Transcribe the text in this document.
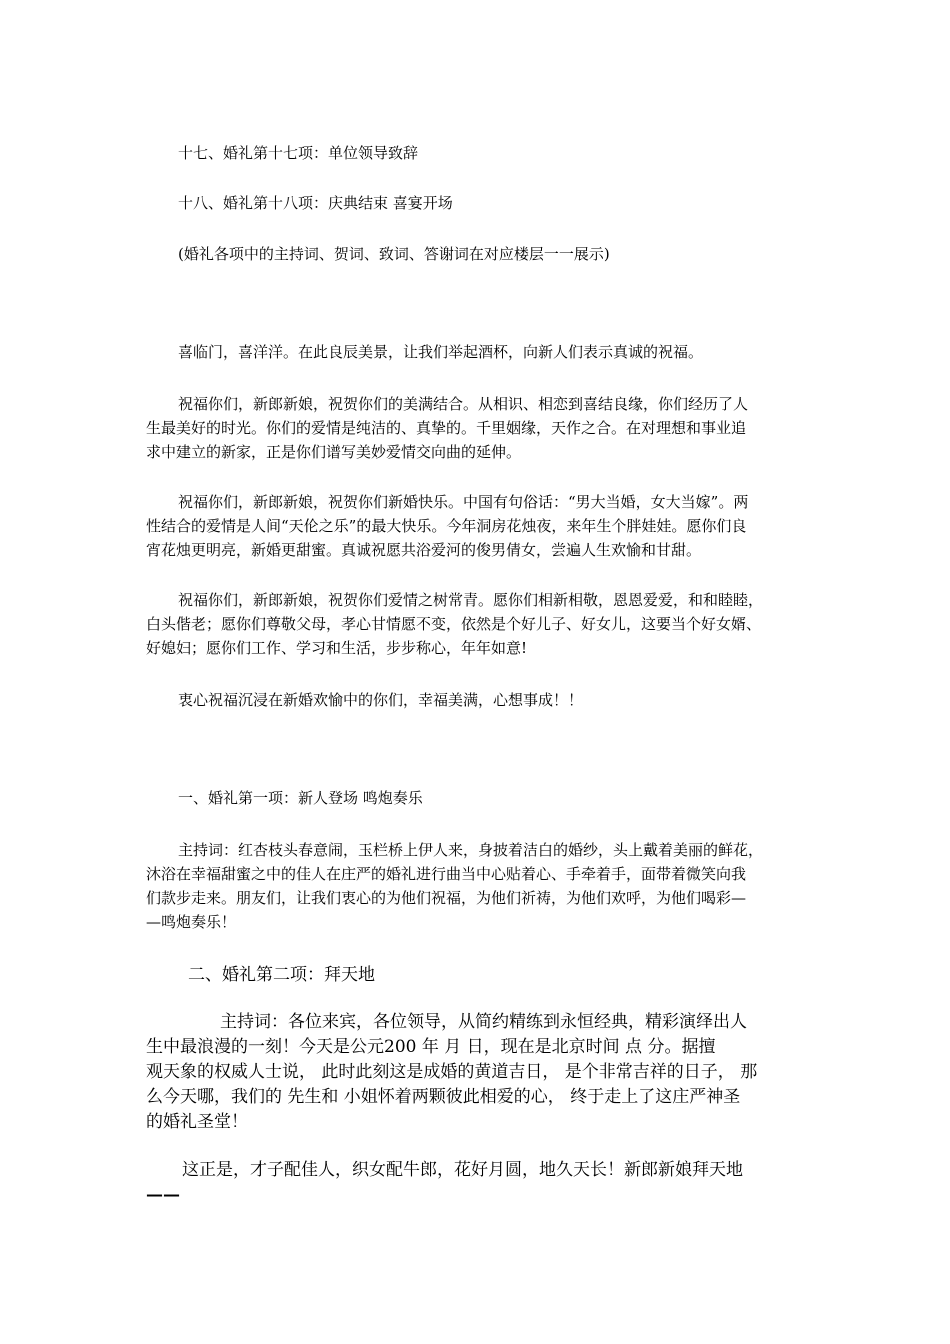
十七、婚礼第十七项：单位领导致辞
十八、婚礼第十八项：庆典结束 喜宴开场
(婚礼各项中的主持词、贺词、致词、答谢词在对应楼层一一展示)
喜临门，喜洋洋。在此良辰美景，让我们举起酒杯，向新人们表示真诚的祝福。
祝福你们，新郎新娘，祝贺你们的美满结合。从相识、相恋到喜结良缘，你们经历了人
生最美好的时光。你们的爱情是纯洁的、真挚的。千里姻缘，天作之合。在对理想和事业追
求中建立的新家，正是你们谱写美妙爱情交向曲的延伸。
祝福你们，新郎新娘，祝贺你们新婚快乐。中国有句俗话：“男大当婚，女大当嫁”。两
性结合的爱情是人间“天伦之乐”的最大快乐。今年洞房花烛夜，来年生个胖娃娃。愿你们良
宵花烛更明亮，新婚更甜蜜。真诚祝愿共浴爱河的俊男倩女，尝遍人生欢愉和甘甜。
祝福你们，新郎新娘，祝贺你们爱情之树常青。愿你们相新相敬，恩恩爱爱，和和睦睦，
白头偕老；愿你们尊敬父母，孝心甘情愿不变，依然是个好儿子、好女儿，这要当个好女婿、
好媳妇；愿你们工作、学习和生活，步步称心，年年如意!
衷心祝福沉浸在新婚欢愉中的你们，幸福美满，心想事成！！
一、婚礼第一项：新人登场 鸣炮奏乐
主持词：红杏枝头春意闹，玉栏桥上伊人来，身披着洁白的婚纱，头上戴着美丽的鲜花，
沐浴在幸福甜蜜之中的佳人在庄严的婚礼进行曲当中心贴着心、手牵着手，面带着微笑向我
们款步走来。朋友们，让我们衷心的为他们祝福，为他们祈祷，为他们欢呼，为他们喝彩—
—鸣炮奏乐！
二、婚礼第二项：拜天地
主持词：各位来宾，各位领导，从简约精练到永恒经典，精彩演绎出人
生中最浪漫的一刻！今天是公元200 年 月 日，现在是北京时间 点 分。据擅
观天象的权威人士说， 此时此刻这是成婚的黄道吉日， 是个非常吉祥的日子， 那
么今天哪，我们的 先生和 小姐怀着两颗彼此相爱的心， 终于走上了这庄严神圣
的婚礼圣堂！
这正是，才子配佳人，织女配牛郎，花好月圆，地久天长！新郎新娘拜天地
——
